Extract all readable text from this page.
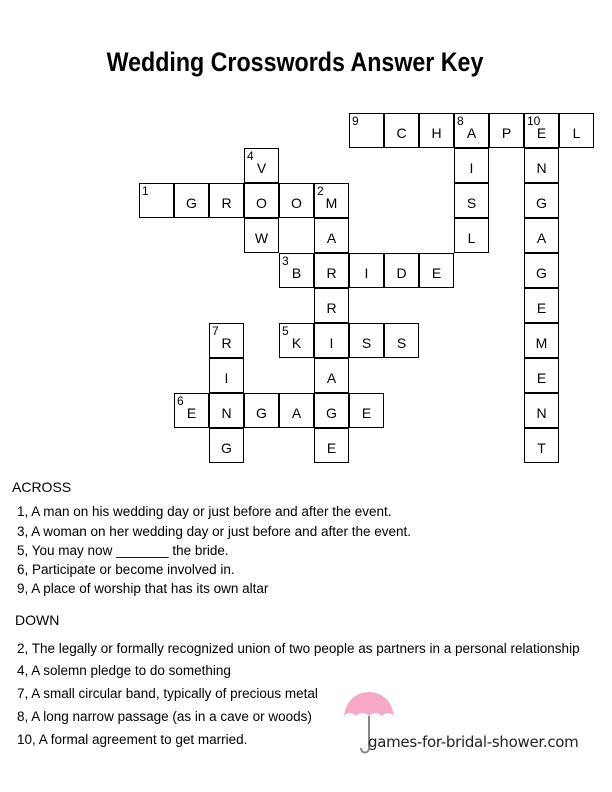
Wedding Crosswords Answer Key
9
C	H
8
A	P
10
E	L
4
V	I	N
1
G	R	O	O
2
M	S	G
W	A	L	A
3
B	R	I	D	E	G
R	E
7
R
5
K	I	S	S	M
I	A	E
6
E	N	G	A	G	E	N
G	E	T
ACROSS
1, A man on his wedding day or just before and after the event.
3, A woman on her wedding day or just before and after the event.
5, You may now _______ the bride.
6, Participate or become involved in.
9, A place of worship that has its own altar
DOWN
2, The legally or formally recognized union of two people as partners in a personal relationship
4, A solemn pledge to do something
7, A small circular band, typically of precious metal
8, A long narrow passage (as in a cave or woods)
10, A formal agreement to get married.	games-for-bridal-shower.com
